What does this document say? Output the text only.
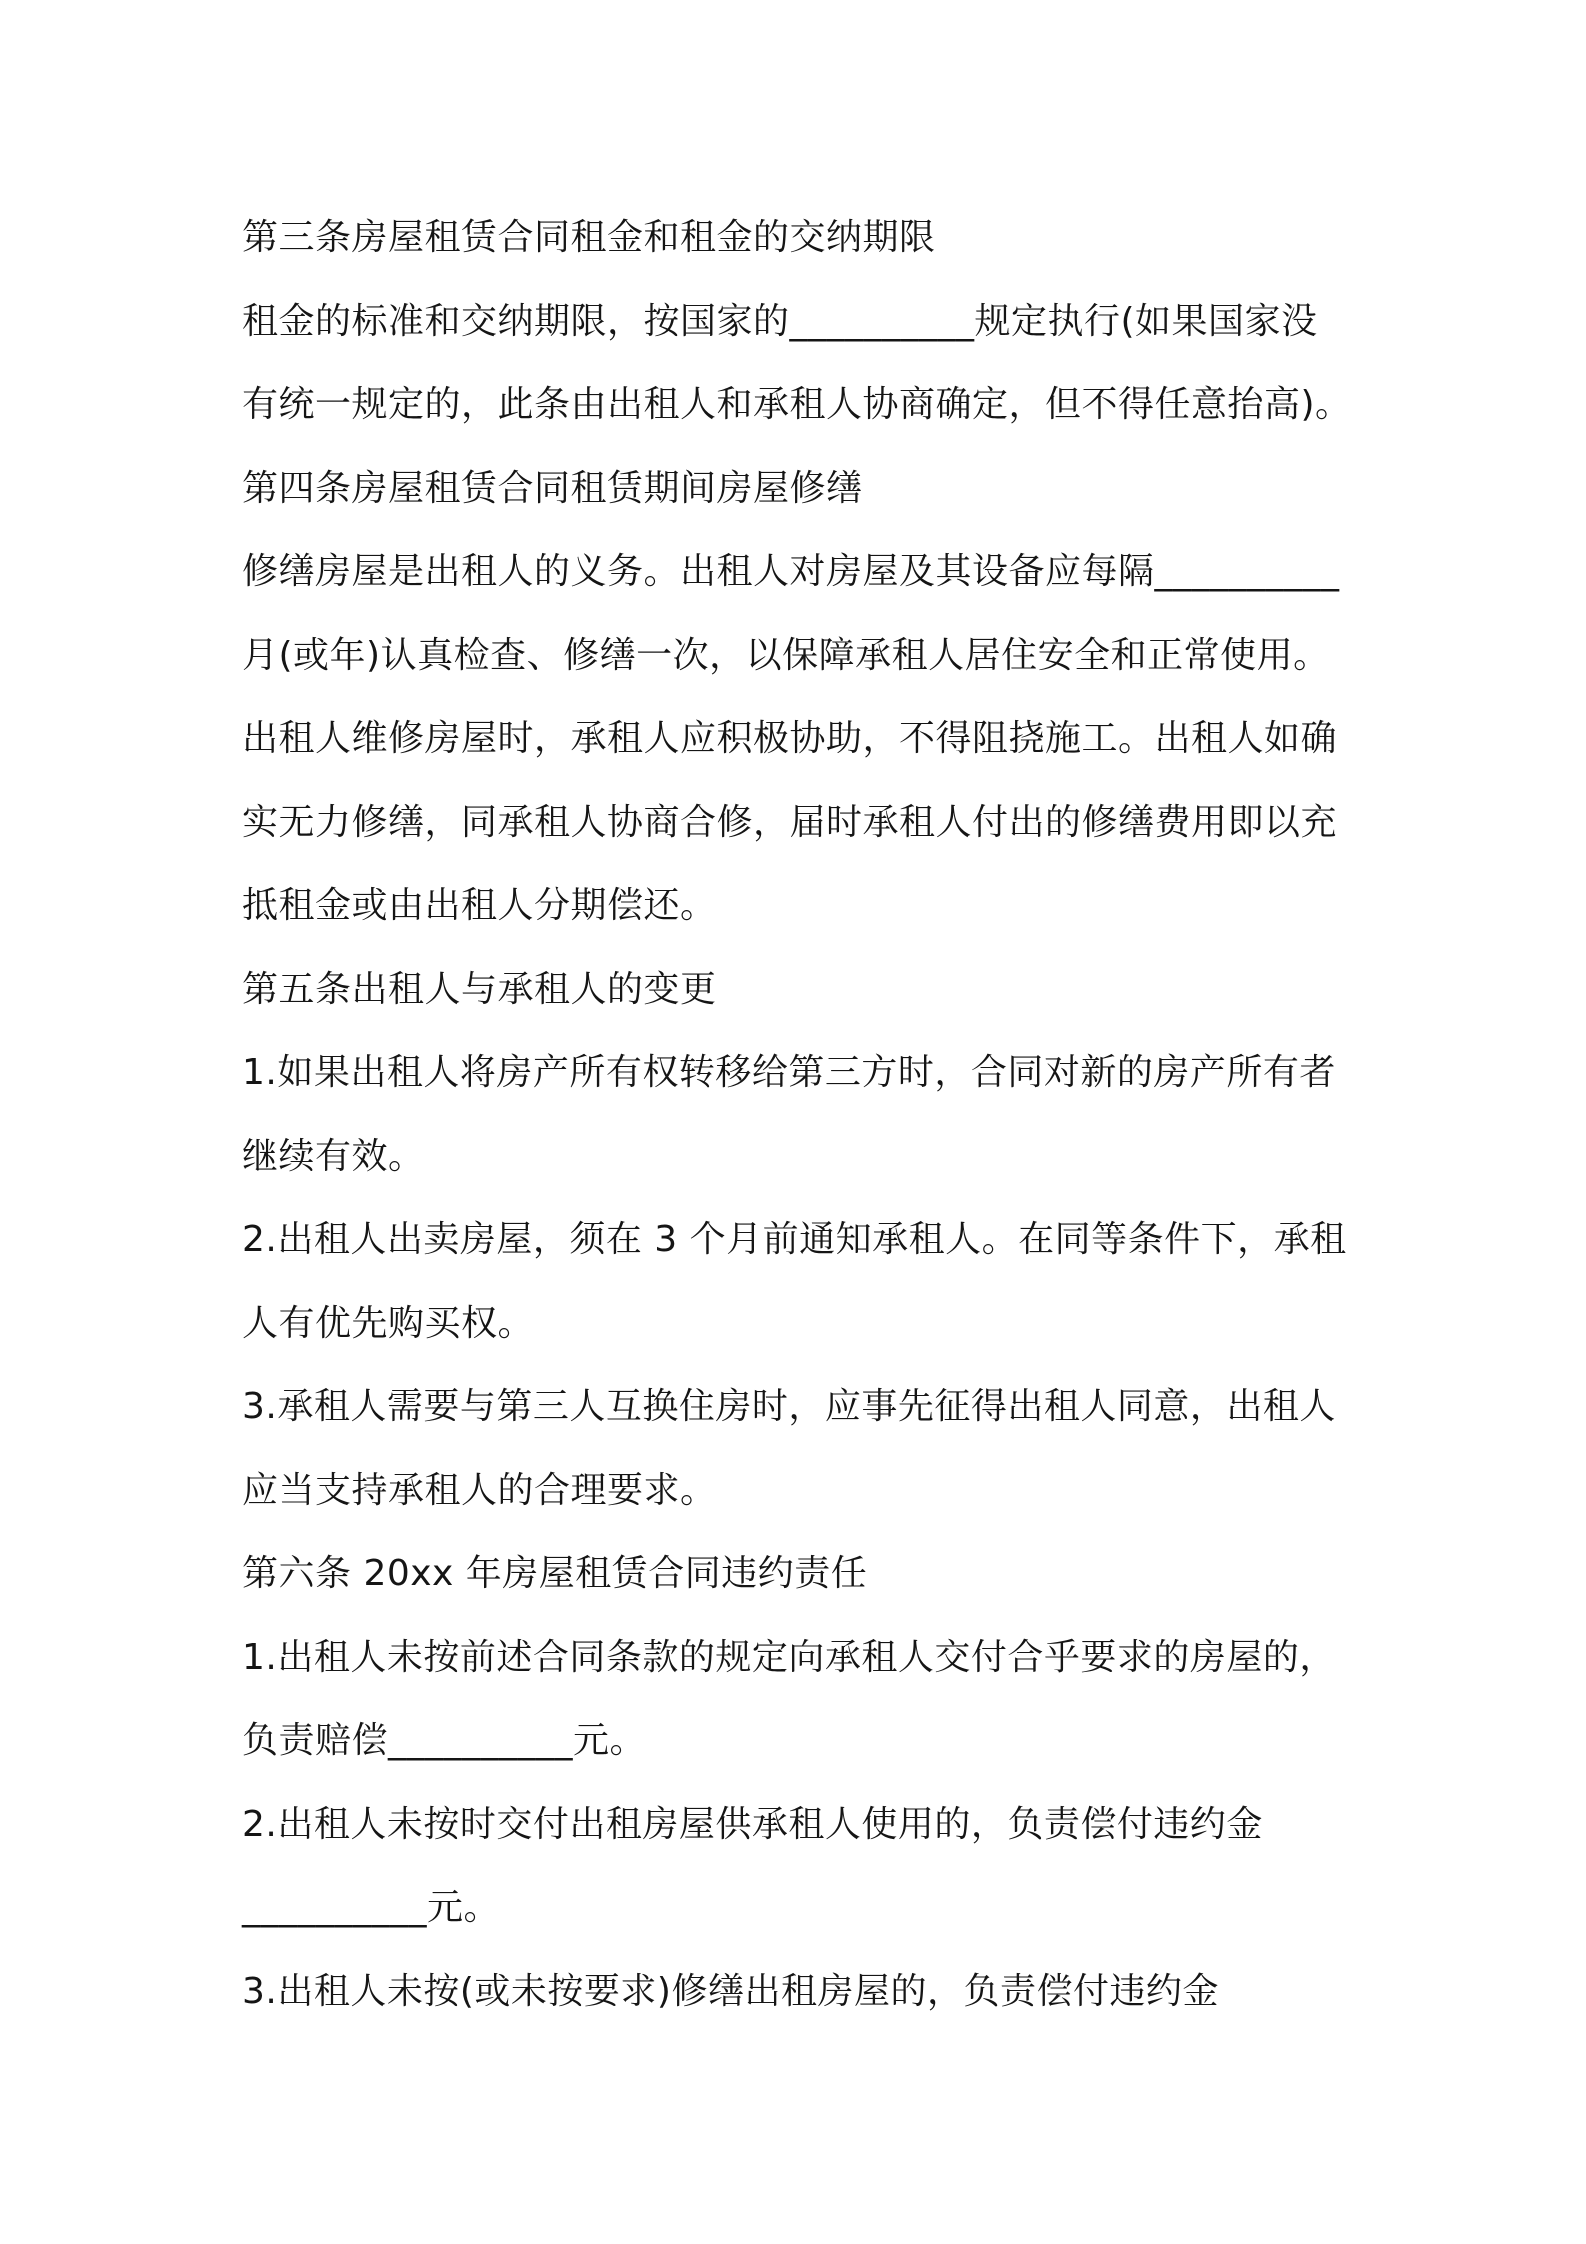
第三条房屋租赁合同租金和租金的交纳期限

租金的标准和交纳期限，按国家的__________规定执行(如果国家没

有统一规定的，此条由出租人和承租人协商确定，但不得任意抬高)。

第四条房屋租赁合同租赁期间房屋修缮

修缮房屋是出租人的义务。出租人对房屋及其设备应每隔__________

月(或年)认真检查、修缮一次，以保障承租人居住安全和正常使用。

出租人维修房屋时，承租人应积极协助，不得阻挠施工。出租人如确

实无力修缮，同承租人协商合修，届时承租人付出的修缮费用即以充

抵租金或由出租人分期偿还。

第五条出租人与承租人的变更

1.如果出租人将房产所有权转移给第三方时，合同对新的房产所有者

继续有效。

2.出租人出卖房屋，须在 3 个月前通知承租人。在同等条件下，承租

人有优先购买权。

3.承租人需要与第三人互换住房时，应事先征得出租人同意，出租人

应当支持承租人的合理要求。

第六条 20xx 年房屋租赁合同违约责任

1.出租人未按前述合同条款的规定向承租人交付合乎要求的房屋的，

负责赔偿__________元。

2.出租人未按时交付出租房屋供承租人使用的，负责偿付违约金

__________元。

3.出租人未按(或未按要求)修缮出租房屋的，负责偿付违约金
